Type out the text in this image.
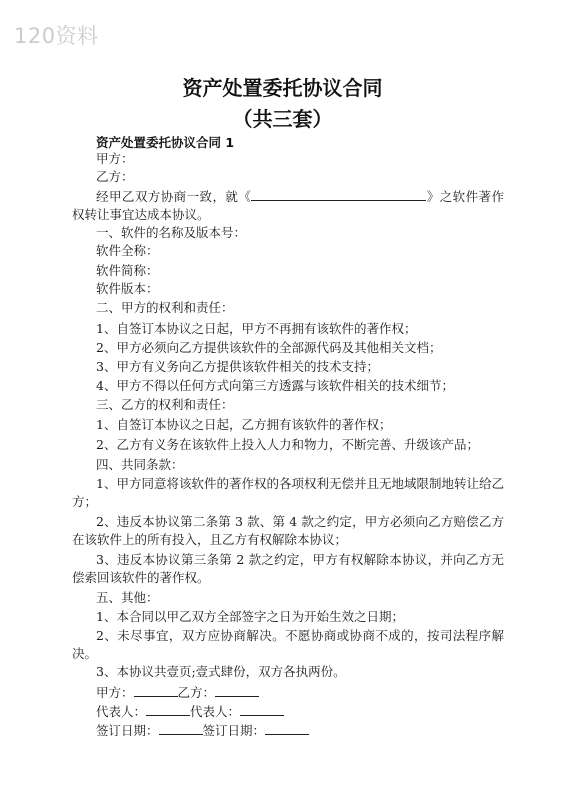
120资料
资产处置委托协议合同
（共三套）
资产处置委托协议合同 1
甲方：
乙方：
经甲乙双方协商一致，就《	》之软件著作权转让事宜达成本协议。
一、软件的名称及版本号：
软件全称：
软件简称：
软件版本：
二、甲方的权利和责任：
1、自签订本协议之日起，甲方不再拥有该软件的著作权；
2、甲方必须向乙方提供该软件的全部源代码及其他相关文档；
3、甲方有义务向乙方提供该软件相关的技术支持；
4、甲方不得以任何方式向第三方透露与该软件相关的技术细节；
三、乙方的权利和责任：
1、自签订本协议之日起，乙方拥有该软件的著作权；
2、乙方有义务在该软件上投入人力和物力，不断完善、升级该产品；
四、共同条款：
1、甲方同意将该软件的著作权的各项权利无偿并且无地域限制地转让给乙方；
2、违反本协议第二条第 3 款、第 4 款之约定，甲方必须向乙方赔偿乙方在该软件上的所有投入，且乙方有权解除本协议；
3、违反本协议第三条第 2 款之约定，甲方有权解除本协议，并向乙方无偿索回该软件的著作权。
五、其他：
1、本合同以甲乙双方全部签字之日为开始生效之日期；
2、未尽事宜，双方应协商解决。不愿协商或协商不成的，按司法程序解决。
3、本协议共壹页;壹式肆份，双方各执两份。
甲方：	乙方：
代表人：	代表人：
签订日期：	签订日期：
